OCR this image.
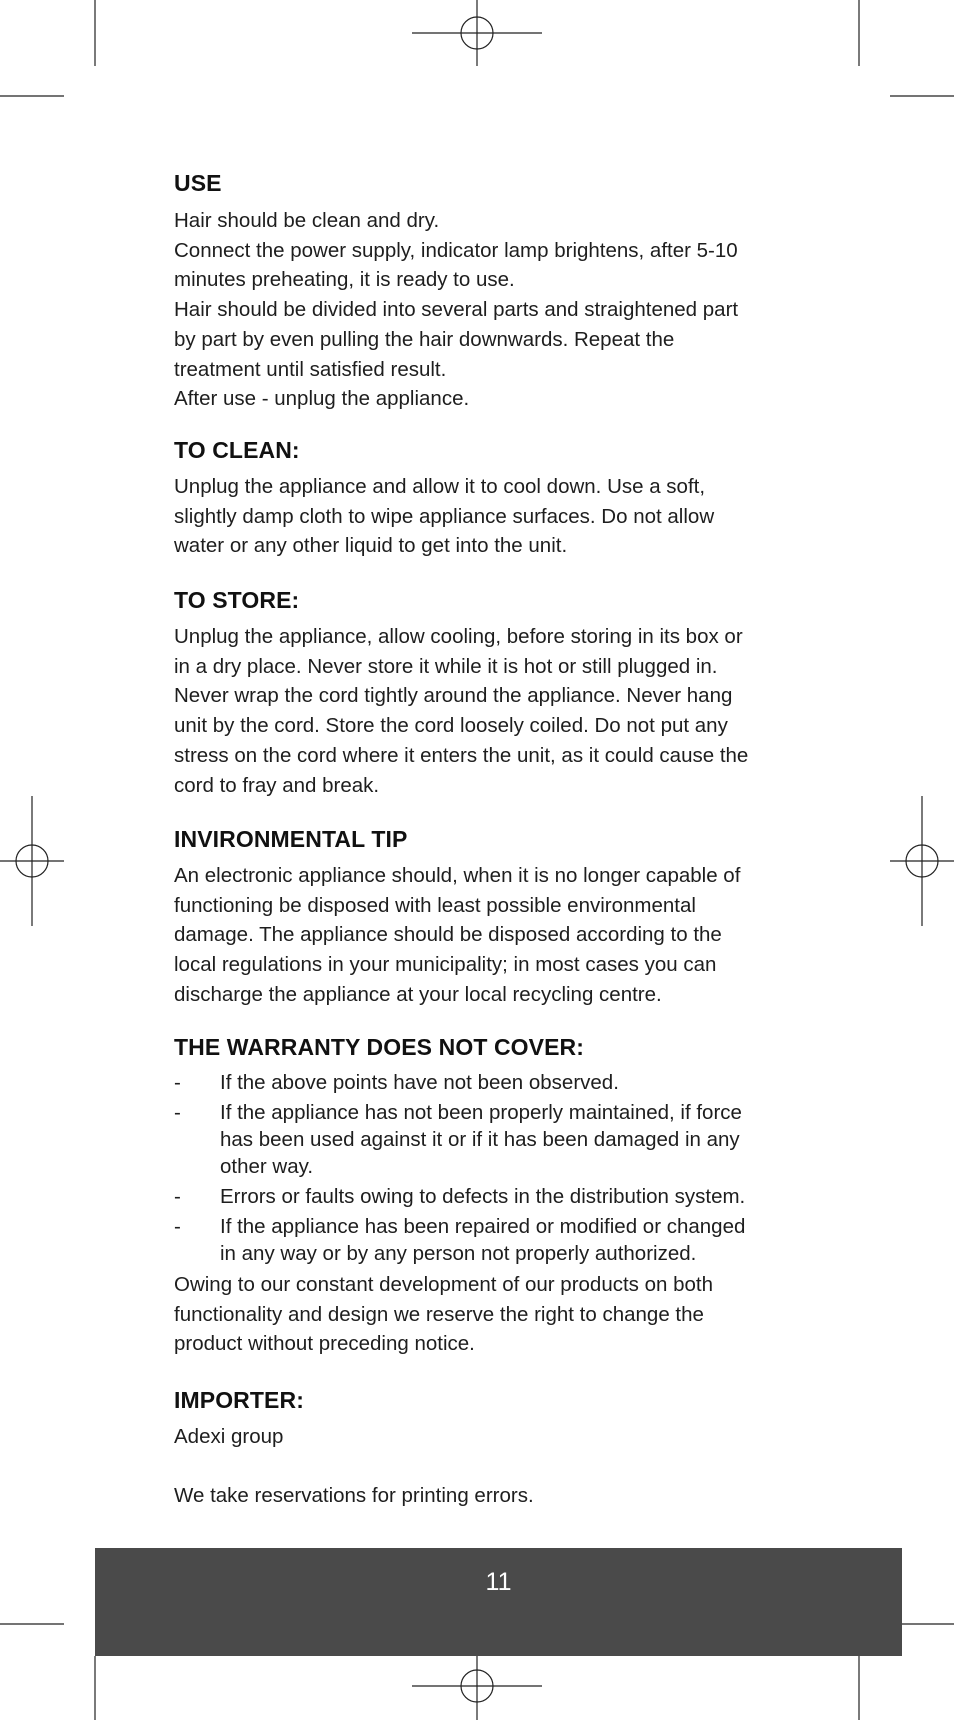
USE

Hair should be clean and dry.
Connect the power supply, indicator lamp brightens, after 5-10
minutes preheating, it is ready to use.
Hair should be divided into several parts and straightened part
by part by even pulling the hair downwards. Repeat the
treatment until satisfied result.
After use - unplug the appliance.

TO CLEAN:

Unplug the appliance and allow it to cool down. Use a soft,
slightly damp cloth to wipe appliance surfaces. Do not allow
water or any other liquid to get into the unit.

TO STORE:

Unplug the appliance, allow cooling, before storing in its box or
in a dry place. Never store it while it is hot or still plugged in.
Never wrap the cord tightly around the appliance. Never hang
unit by the cord. Store the cord loosely coiled. Do not put any
stress on the cord where it enters the unit, as it could cause the
cord to fray and break.

INVIRONMENTAL TIP

An electronic appliance should, when it is no longer capable of
functioning be disposed with least possible environmental
damage. The appliance should be disposed according to the
local regulations in your municipality; in most cases you can
discharge the appliance at your local recycling centre.

THE WARRANTY DOES NOT COVER:
- If the above points have not been observed.
- If the appliance has not been properly maintained, if force
has been used against it or if it has been damaged in any
other way.
- Errors or faults owing to defects in the distribution system.
- If the appliance has been repaired or modified or changed
in any way or by any person not properly authorized.

Owing to our constant development of our products on both
functionality and design we reserve the right to change the
product without preceding notice.

IMPORTER:

Adexi group

We take reservations for printing errors.

11
